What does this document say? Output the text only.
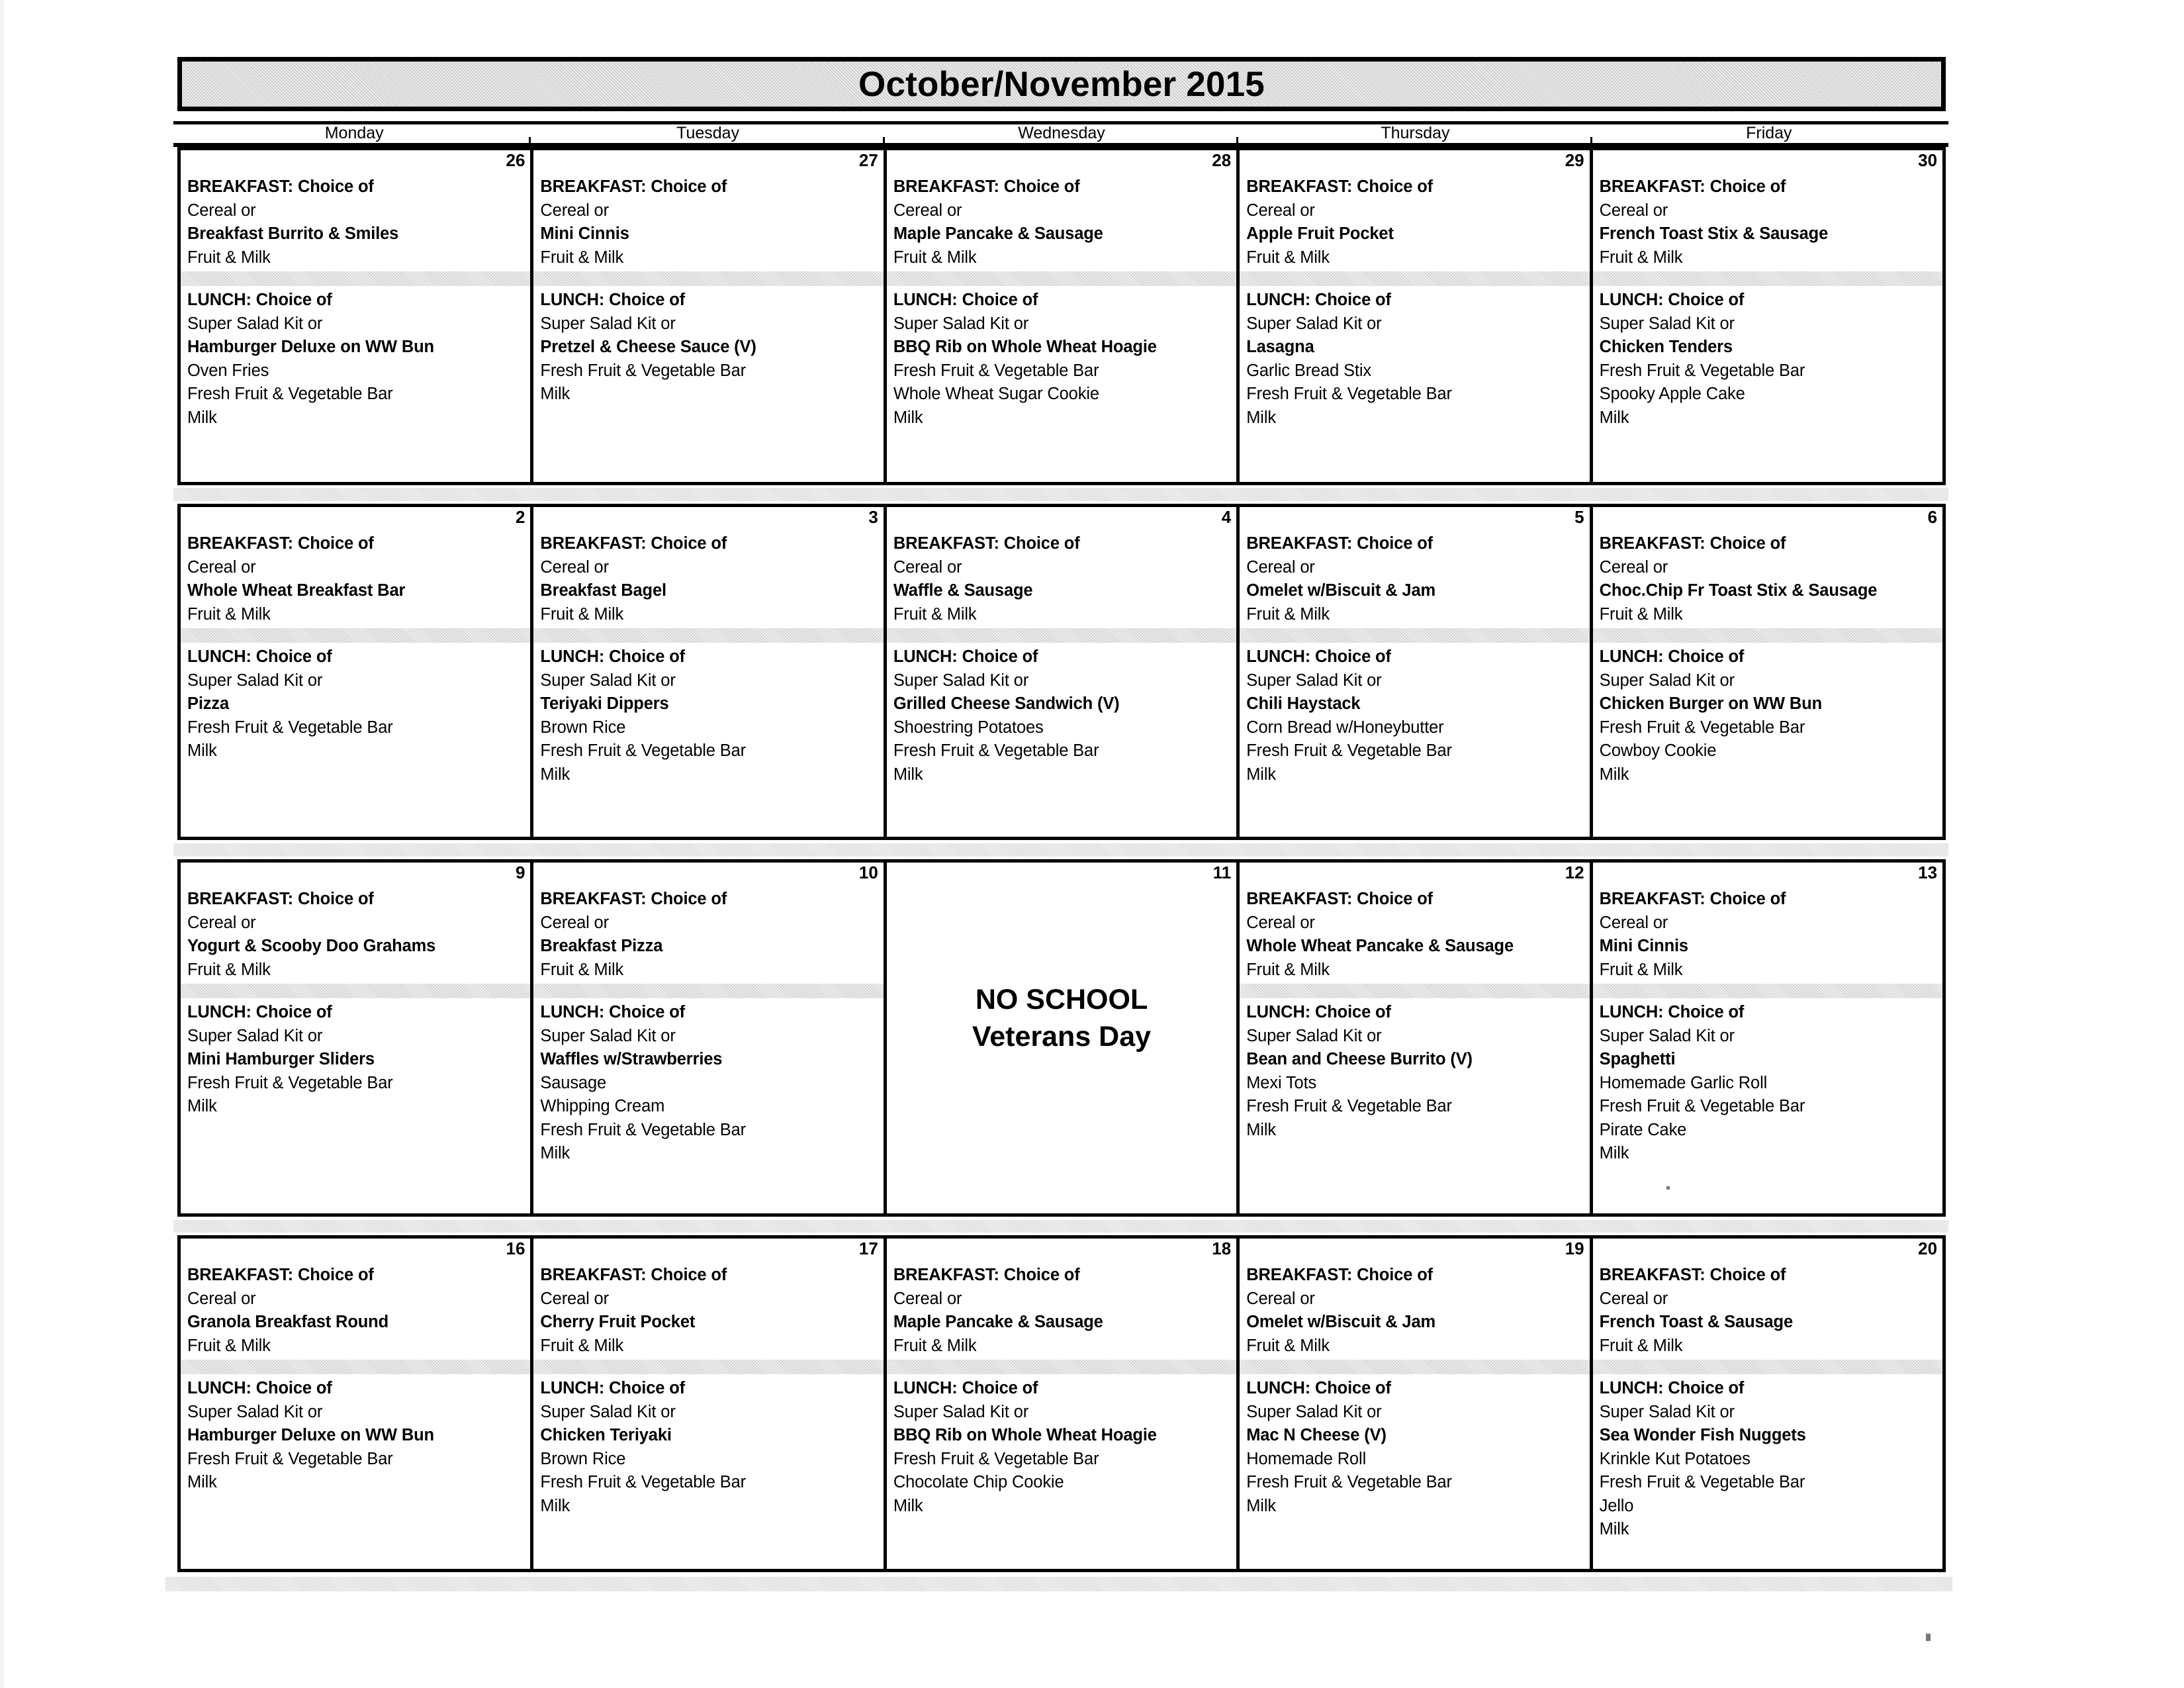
October/November 2015
Monday	Tuesday	Wednesday	Thursday	Friday
26
BREAKFAST: Choice of
Cereal or
Breakfast Burrito & Smiles
Fruit & Milk
LUNCH: Choice of
Super Salad Kit or
Hamburger Deluxe on WW Bun
Oven Fries
Fresh Fruit & Vegetable Bar
Milk
27
BREAKFAST: Choice of
Cereal or
Mini Cinnis
Fruit & Milk
LUNCH: Choice of
Super Salad Kit or
Pretzel & Cheese Sauce (V)
Fresh Fruit & Vegetable Bar
Milk
28
BREAKFAST: Choice of
Cereal or
Maple Pancake & Sausage
Fruit & Milk
LUNCH: Choice of
Super Salad Kit or
BBQ Rib on Whole Wheat Hoagie
Fresh Fruit & Vegetable Bar
Whole Wheat Sugar Cookie
Milk
29
BREAKFAST: Choice of
Cereal or
Apple Fruit Pocket
Fruit & Milk
LUNCH: Choice of
Super Salad Kit or
Lasagna
Garlic Bread Stix
Fresh Fruit & Vegetable Bar
Milk
30
BREAKFAST: Choice of
Cereal or
French Toast Stix & Sausage
Fruit & Milk
LUNCH: Choice of
Super Salad Kit or
Chicken Tenders
Fresh Fruit & Vegetable Bar
Spooky Apple Cake
Milk
2
BREAKFAST: Choice of
Cereal or
Whole Wheat Breakfast Bar
Fruit & Milk
LUNCH: Choice of
Super Salad Kit or
Pizza
Fresh Fruit & Vegetable Bar
Milk
3
BREAKFAST: Choice of
Cereal or
Breakfast Bagel
Fruit & Milk
LUNCH: Choice of
Super Salad Kit or
Teriyaki Dippers
Brown Rice
Fresh Fruit & Vegetable Bar
Milk
4
BREAKFAST: Choice of
Cereal or
Waffle & Sausage
Fruit & Milk
LUNCH: Choice of
Super Salad Kit or
Grilled Cheese Sandwich (V)
Shoestring Potatoes
Fresh Fruit & Vegetable Bar
Milk
5
BREAKFAST: Choice of
Cereal or
Omelet w/Biscuit & Jam
Fruit & Milk
LUNCH: Choice of
Super Salad Kit or
Chili Haystack
Corn Bread w/Honeybutter
Fresh Fruit & Vegetable Bar
Milk
6
BREAKFAST: Choice of
Cereal or
Choc.Chip Fr Toast Stix & Sausage
Fruit & Milk
LUNCH: Choice of
Super Salad Kit or
Chicken Burger on WW Bun
Fresh Fruit & Vegetable Bar
Cowboy Cookie
Milk
9
BREAKFAST: Choice of
Cereal or
Yogurt & Scooby Doo Grahams
Fruit & Milk
LUNCH: Choice of
Super Salad Kit or
Mini Hamburger Sliders
Fresh Fruit & Vegetable Bar
Milk
10
BREAKFAST: Choice of
Cereal or
Breakfast Pizza
Fruit & Milk
LUNCH: Choice of
Super Salad Kit or
Waffles w/Strawberries
Sausage
Whipping Cream
Fresh Fruit & Vegetable Bar
Milk
11
NO SCHOOL
Veterans Day
12
BREAKFAST: Choice of
Cereal or
Whole Wheat Pancake & Sausage
Fruit & Milk
LUNCH: Choice of
Super Salad Kit or
Bean and Cheese Burrito (V)
Mexi Tots
Fresh Fruit & Vegetable Bar
Milk
13
BREAKFAST: Choice of
Cereal or
Mini Cinnis
Fruit & Milk
LUNCH: Choice of
Super Salad Kit or
Spaghetti
Homemade Garlic Roll
Fresh Fruit & Vegetable Bar
Pirate Cake
Milk
16
BREAKFAST: Choice of
Cereal or
Granola Breakfast Round
Fruit & Milk
LUNCH: Choice of
Super Salad Kit or
Hamburger Deluxe on WW Bun
Fresh Fruit & Vegetable Bar
Milk
17
BREAKFAST: Choice of
Cereal or
Cherry Fruit Pocket
Fruit & Milk
LUNCH: Choice of
Super Salad Kit or
Chicken Teriyaki
Brown Rice
Fresh Fruit & Vegetable Bar
Milk
18
BREAKFAST: Choice of
Cereal or
Maple Pancake & Sausage
Fruit & Milk
LUNCH: Choice of
Super Salad Kit or
BBQ Rib on Whole Wheat Hoagie
Fresh Fruit & Vegetable Bar
Chocolate Chip Cookie
Milk
19
BREAKFAST: Choice of
Cereal or
Omelet w/Biscuit & Jam
Fruit & Milk
LUNCH: Choice of
Super Salad Kit or
Mac N Cheese (V)
Homemade Roll
Fresh Fruit & Vegetable Bar
Milk
20
BREAKFAST: Choice of
Cereal or
French Toast & Sausage
Fruit & Milk
LUNCH: Choice of
Super Salad Kit or
Sea Wonder Fish Nuggets
Krinkle Kut Potatoes
Fresh Fruit & Vegetable Bar
Jello
Milk
